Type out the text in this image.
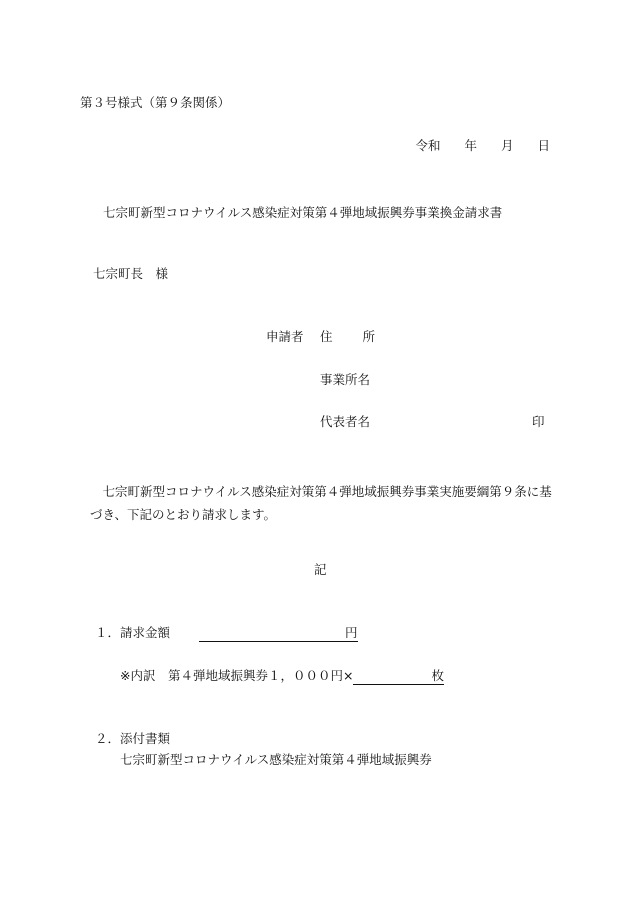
第３号様式（第９条関係）
令和 年 月 日
七宗町新型コロナウイルス感染症対策第４弾地域振興券事業換金請求書
七宗町長　様
申請者 住 所
事業所名
代表者名	印
七宗町新型コロナウイルス感染症対策第４弾地域振興券事業実施要綱第９条に基づき、下記のとおり請求します。
記
１．請求金額	円
※内訳　第４弾地域振興券１，０００円×	枚
２．添付書類
七宗町新型コロナウイルス感染症対策第４弾地域振興券
